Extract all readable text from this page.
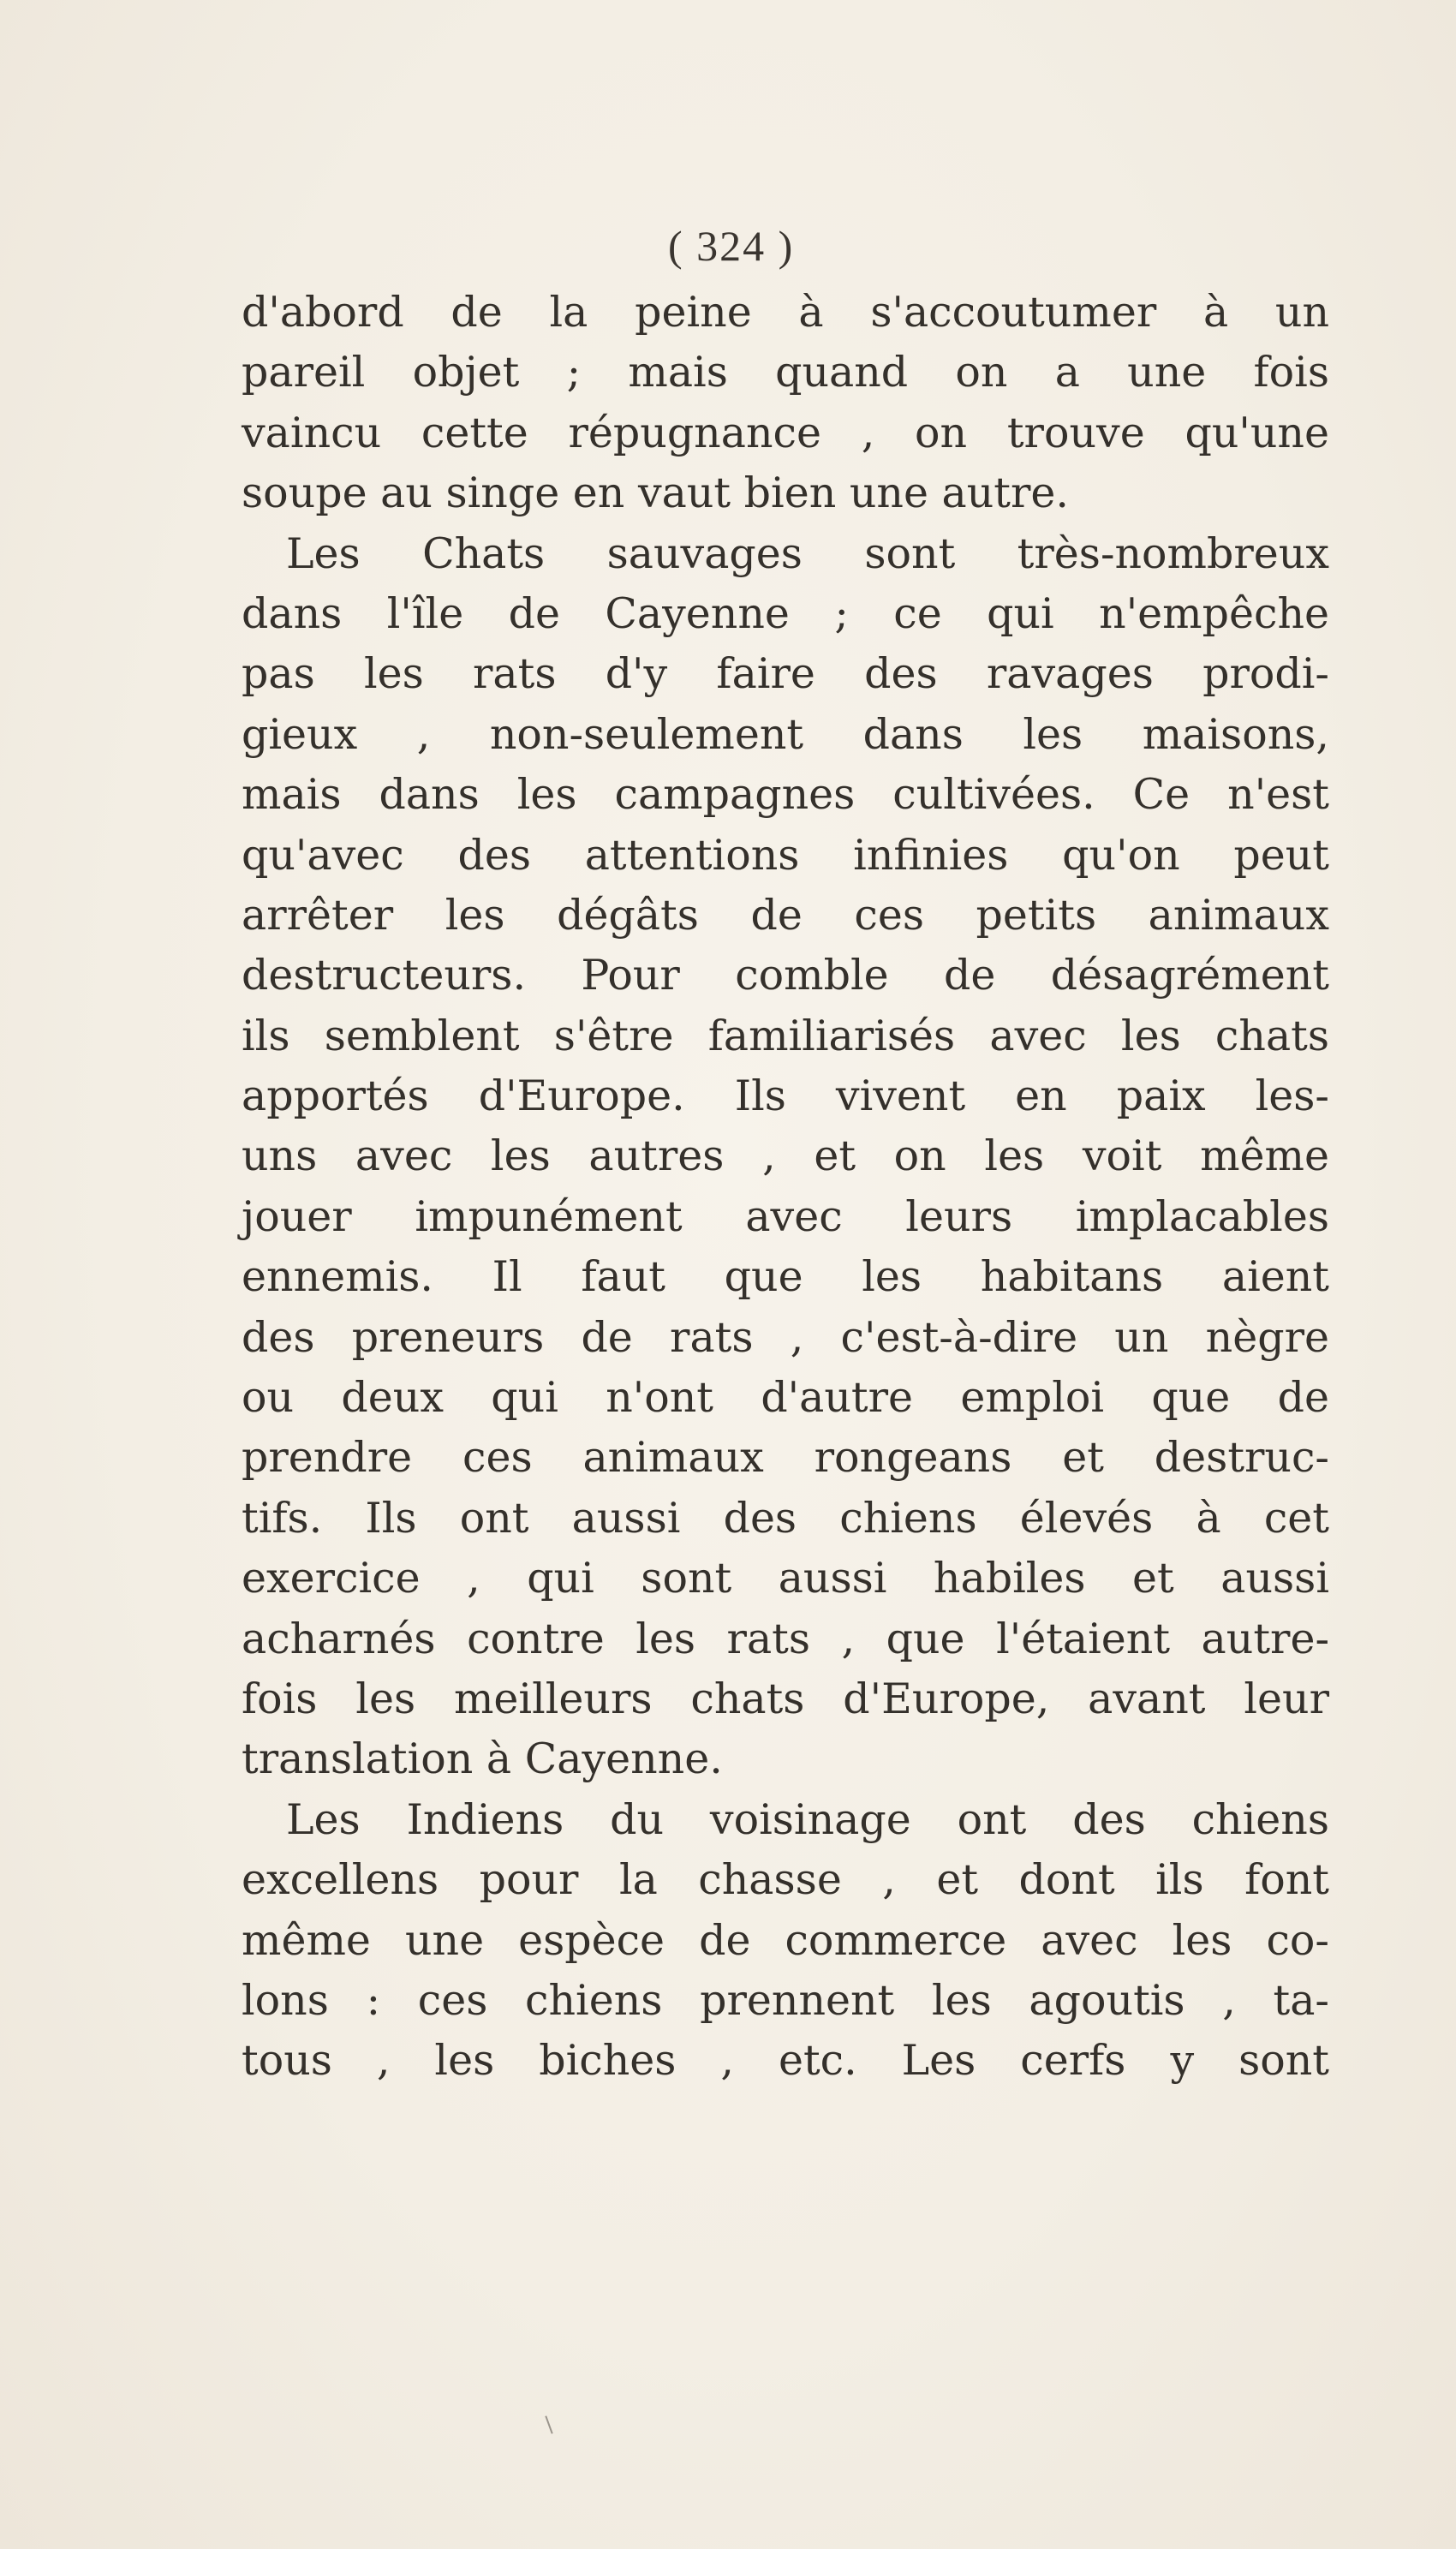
( 324 )
d'abord de la peine à s'accoutumer à un
pareil objet ; mais quand on a une fois
vaincu cette répugnance , on trouve qu'une
soupe au singe en vaut bien une autre.
Les Chats sauvages sont très-nombreux
dans l'île de Cayenne ; ce qui n'empêche
pas les rats d'y faire des ravages prodi-
gieux , non-seulement dans les maisons,
mais dans les campagnes cultivées. Ce n'est
qu'avec des attentions infinies qu'on peut
arrêter les dégâts de ces petits animaux
destructeurs. Pour comble de désagrément
ils semblent s'être familiarisés avec les chats
apportés d'Europe. Ils vivent en paix les-
uns avec les autres , et on les voit même
jouer impunément avec leurs implacables
ennemis. Il faut que les habitans aient
des preneurs de rats , c'est-à-dire un nègre
ou deux qui n'ont d'autre emploi que de
prendre ces animaux rongeans et destruc-
tifs. Ils ont aussi des chiens élevés à cet
exercice , qui sont aussi habiles et aussi
acharnés contre les rats , que l'étaient autre-
fois les meilleurs chats d'Europe, avant leur
translation à Cayenne.
Les Indiens du voisinage ont des chiens
excellens pour la chasse , et dont ils font
même une espèce de commerce avec les co-
lons : ces chiens prennent les agoutis , ta-
tous , les biches , etc. Les cerfs y sont
